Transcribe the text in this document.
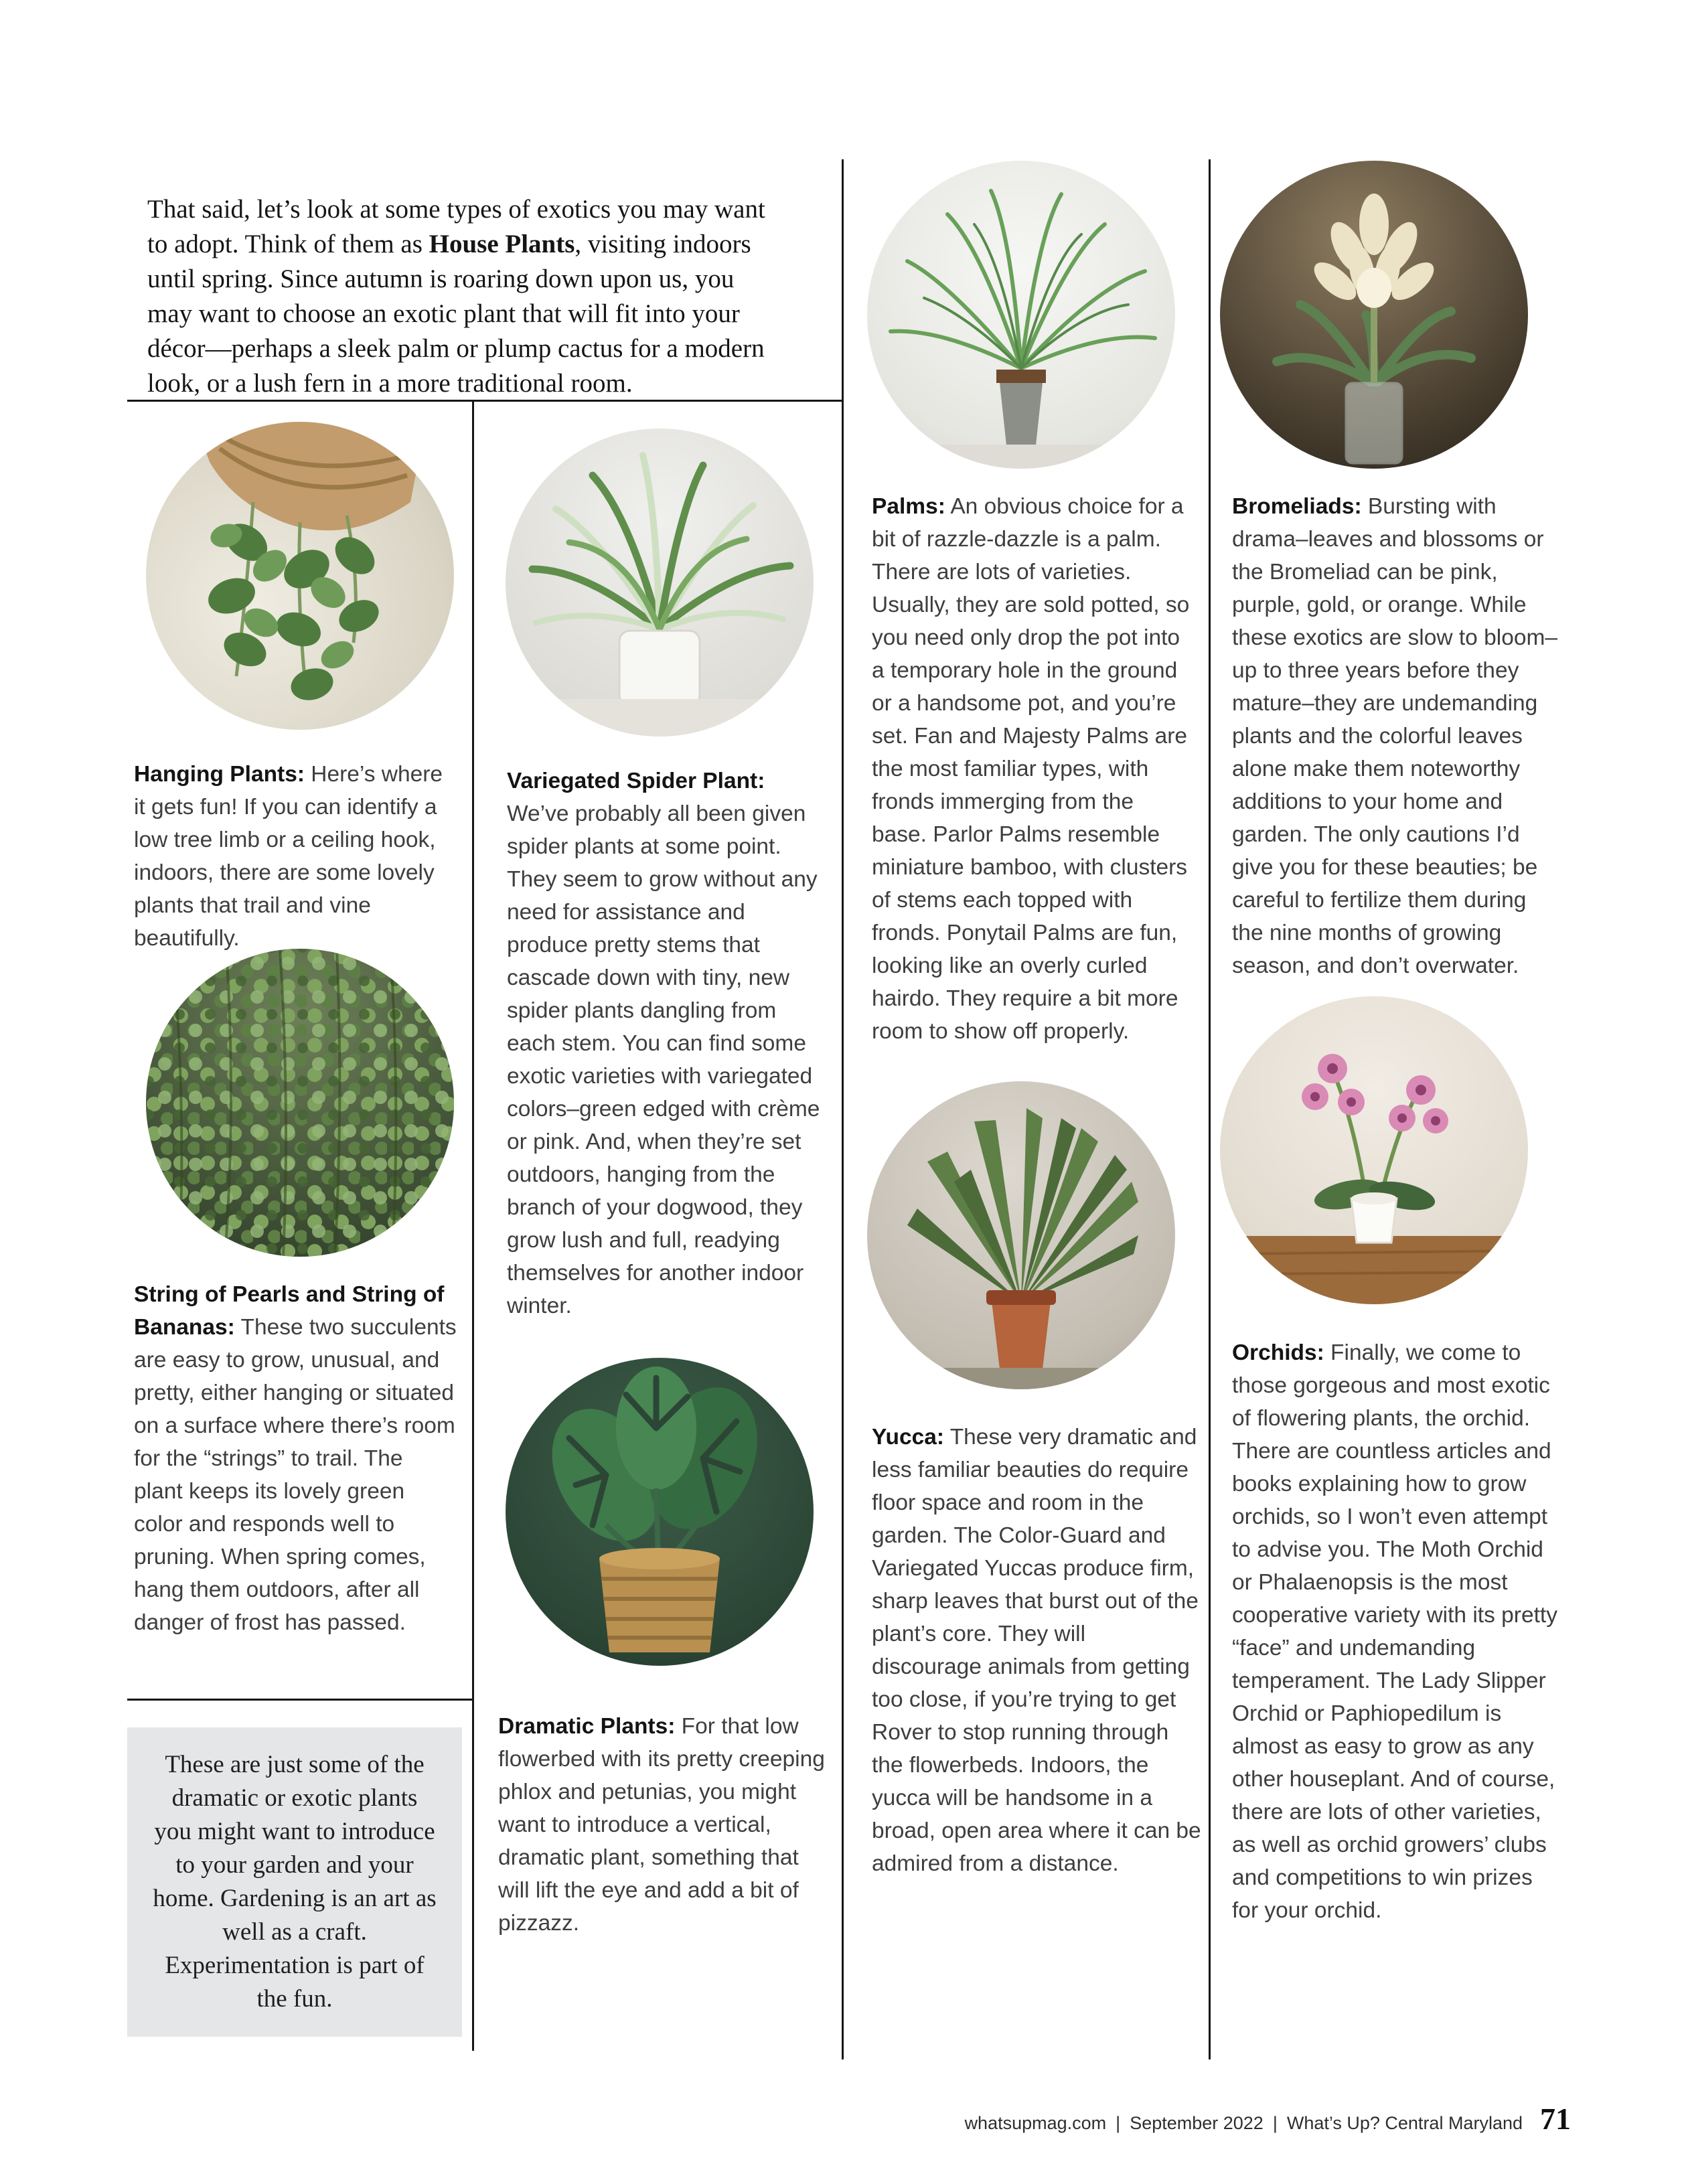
That said, let’s look at some types of exotics you may want to adopt. Think of them as House Plants, visiting indoors until spring. Since autumn is roaring down upon us, you may want to choose an exotic plant that will fit into your décor—perhaps a sleek palm or plump cactus for a modern look, or a lush fern in a more traditional room.

Hanging Plants: Here’s where it gets fun! If you can identify a low tree limb or a ceiling hook, indoors, there are some lovely plants that trail and vine beautifully.

String of Pearls and String of Bananas: These two succulents are easy to grow, unusual, and pretty, either hanging or situated on a surface where there’s room for the “strings” to trail. The plant keeps its lovely green color and responds well to pruning. When spring comes, hang them outdoors, after all danger of frost has passed.

Variegated Spider Plant: We’ve probably all been given spider plants at some point. They seem to grow without any need for assistance and produce pretty stems that cascade down with tiny, new spider plants dangling from each stem. You can find some exotic varieties with variegated colors–green edged with crème or pink. And, when they’re set outdoors, hanging from the branch of your dogwood, they grow lush and full, readying themselves for another indoor winter.

Dramatic Plants: For that low flowerbed with its pretty creeping phlox and petunias, you might want to introduce a vertical, dramatic plant, something that will lift the eye and add a bit of pizzazz.

Palms: An obvious choice for a bit of razzle-dazzle is a palm. There are lots of varieties. Usually, they are sold potted, so you need only drop the pot into a temporary hole in the ground or a handsome pot, and you’re set. Fan and Majesty Palms are the most familiar types, with fronds immerging from the base. Parlor Palms resemble miniature bamboo, with clusters of stems each topped with fronds. Ponytail Palms are fun, looking like an overly curled hairdo. They require a bit more room to show off properly.

Yucca: These very dramatic and less familiar beauties do require floor space and room in the garden. The Color-Guard and Variegated Yuccas produce firm, sharp leaves that burst out of the plant’s core. They will discourage animals from getting too close, if you’re trying to get Rover to stop running through the flowerbeds. Indoors, the yucca will be handsome in a broad, open area where it can be admired from a distance.

Bromeliads: Bursting with drama–leaves and blossoms or the Bromeliad can be pink, purple, gold, or orange. While these exotics are slow to bloom–up to three years before they mature–they are undemanding plants and the colorful leaves alone make them noteworthy additions to your home and garden. The only cautions I’d give you for these beauties; be careful to fertilize them during the nine months of growing season, and don’t overwater.

Orchids: Finally, we come to those gorgeous and most exotic of flowering plants, the orchid. There are countless articles and books explaining how to grow orchids, so I won’t even attempt to advise you. The Moth Orchid or Phalaenopsis is the most cooperative variety with its pretty “face” and undemanding temperament. The Lady Slipper Orchid or Paphiopedilum is almost as easy to grow as any other houseplant. And of course, there are lots of other varieties, as well as orchid growers’ clubs and competitions to win prizes for your orchid.

These are just some of the dramatic or exotic plants you might want to introduce to your garden and your home. Gardening is an art as well as a craft. Experimentation is part of the fun.

whatsupmag.com | September 2022 | What’s Up? Central Maryland 71
